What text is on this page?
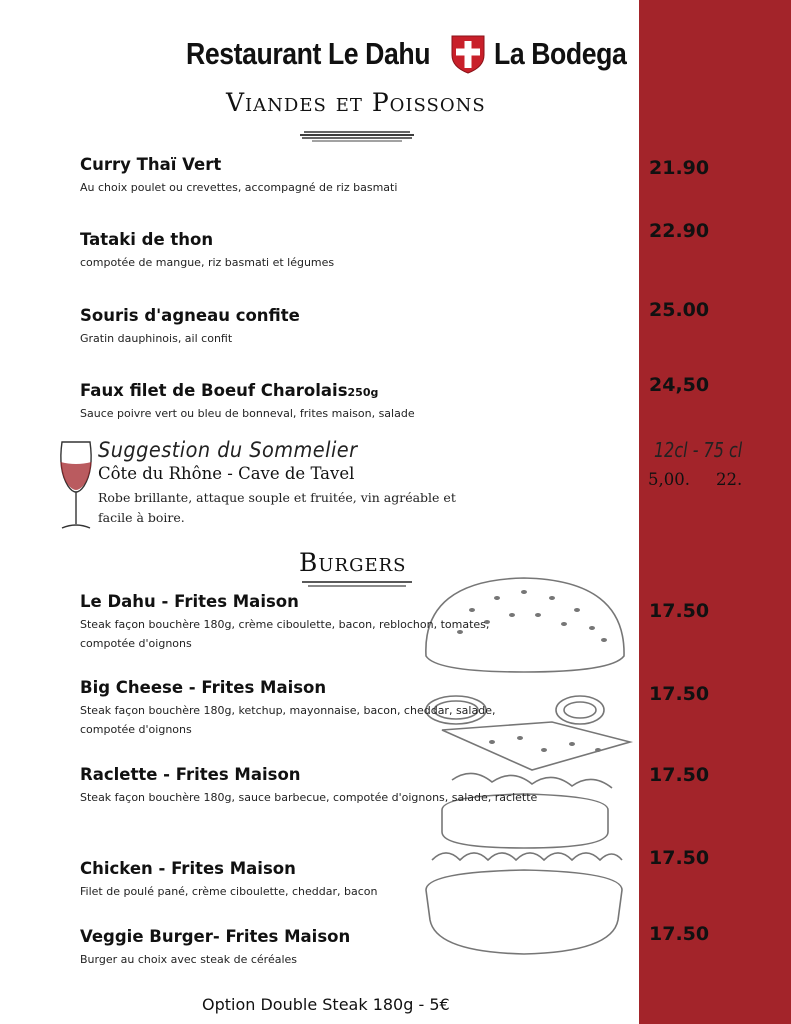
Restaurant Le Dahu La Bodega
Viandes et Poissons
Curry Thaï Vert
Au choix poulet ou crevettes, accompagné de riz basmati
21.90
Tataki de thon
compotée de mangue, riz basmati et légumes
22.90
Souris d'agneau confite
Gratin dauphinois, ail confit
25.00
Faux filet de Boeuf Charolais250g
Sauce poivre vert ou bleu de bonneval, frites maison, salade
24,50
Suggestion du Sommelier
Côte du Rhône - Cave de Tavel
Robe brillante, attaque souple et fruitée, vin agréable et facile à boire.
12cl - 75 cl
5,00. 22.
Burgers
Le Dahu - Frites Maison
Steak façon bouchère 180g, crème ciboulette, bacon, reblochon, tomates, compotée d'oignons
17.50
Big Cheese - Frites Maison
Steak façon bouchère 180g, ketchup, mayonnaise, bacon, cheddar, salade, compotée d'oignons
17.50
Raclette - Frites Maison
Steak façon bouchère 180g, sauce barbecue, compotée d'oignons, salade, raclette
17.50
Chicken - Frites Maison
Filet de poulé pané, crème ciboulette, cheddar, bacon
17.50
Veggie Burger- Frites Maison
Burger au choix avec steak de céréales
17.50
Option Double Steak 180g - 5€
